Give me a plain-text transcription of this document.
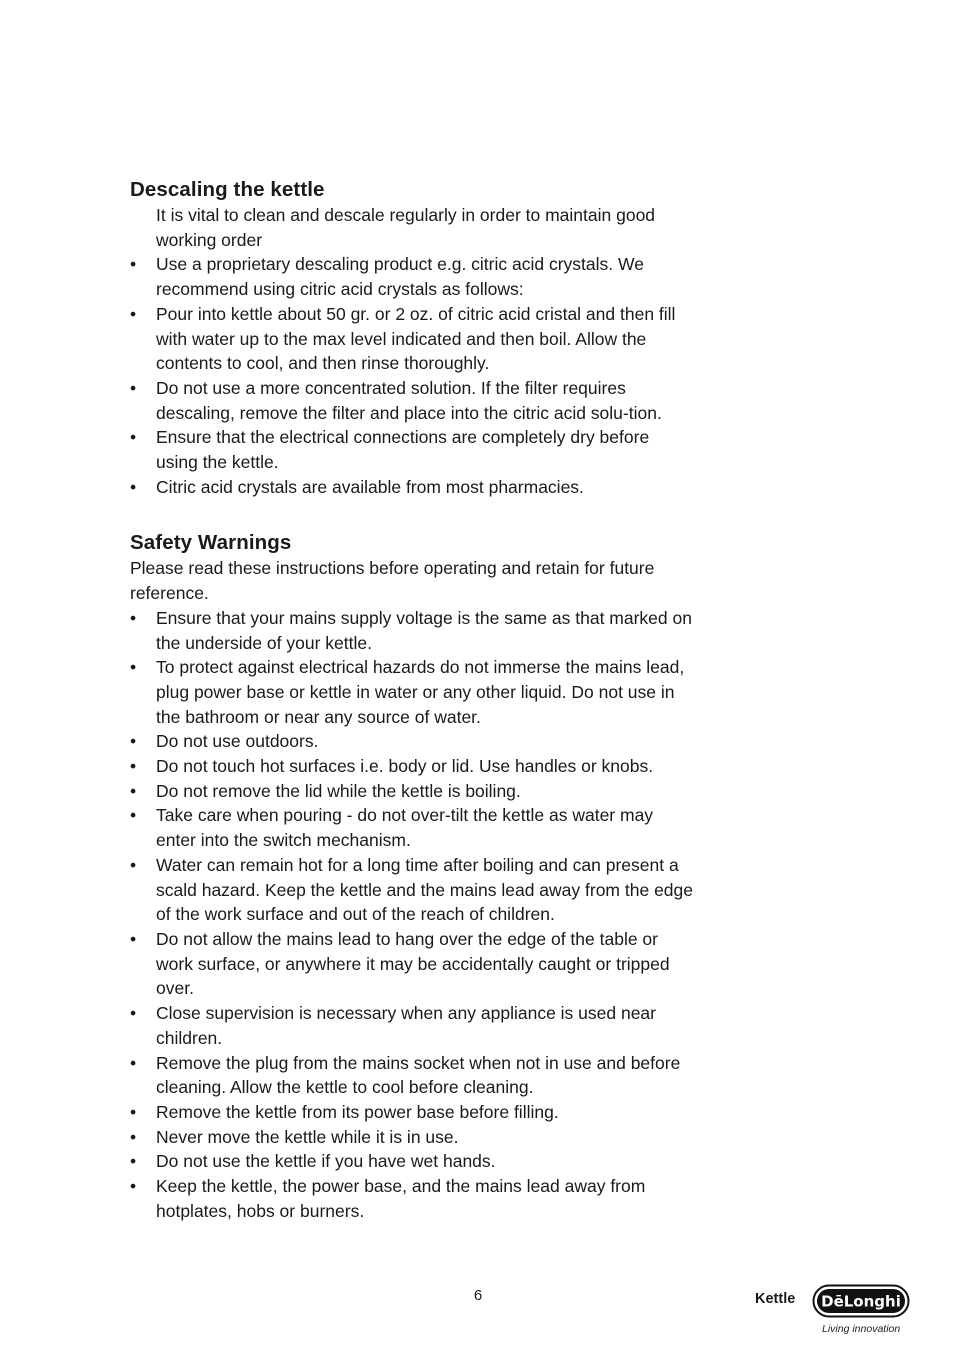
Descaling the kettle

It is vital to clean and descale regularly in order to maintain good working order

• Use a proprietary descaling product e.g. citric acid crystals. We recommend using citric acid crystals as follows:
• Pour into kettle about 50 gr. or 2 oz. of citric acid cristal and then fill with water up to the max level indicated and then boil. Allow the contents to cool, and then rinse thoroughly.
• Do not use a more concentrated solution. If the filter requires descaling, remove the filter and place into the citric acid solu-tion.
• Ensure that the electrical connections are completely dry before using the kettle.
• Citric acid crystals are available from most pharmacies.
Safety Warnings

Please read these instructions before operating and retain for future reference.

• Ensure that your mains supply voltage is the same as that marked on the underside of your kettle.
• To protect against electrical hazards do not immerse the mains lead, plug power base or kettle in water or any other liquid. Do not use in the bathroom or near any source of water.
• Do not use outdoors.
• Do not touch hot surfaces i.e. body or lid. Use handles or knobs.
• Do not remove the lid while the kettle is boiling.
• Take care when pouring - do not over-tilt the kettle as water may enter into the switch mechanism.
• Water can remain hot for a long time after boiling and can present a scald hazard. Keep the kettle and the mains lead away from the edge of the work surface and out of the reach of children.
• Do not allow the mains lead to hang over the edge of the table or work surface, or anywhere it may be accidentally caught or tripped over.
• Close supervision is necessary when any appliance is used near children.
• Remove the plug from the mains socket when not in use and before cleaning. Allow the kettle to cool before cleaning.
• Remove the kettle from its power base before filling.
• Never move the kettle while it is in use.
• Do not use the kettle if you have wet hands.
• Keep the kettle, the power base, and the mains lead away from hotplates, hobs or burners.
6	Kettle DēLonghi
Living innovation
